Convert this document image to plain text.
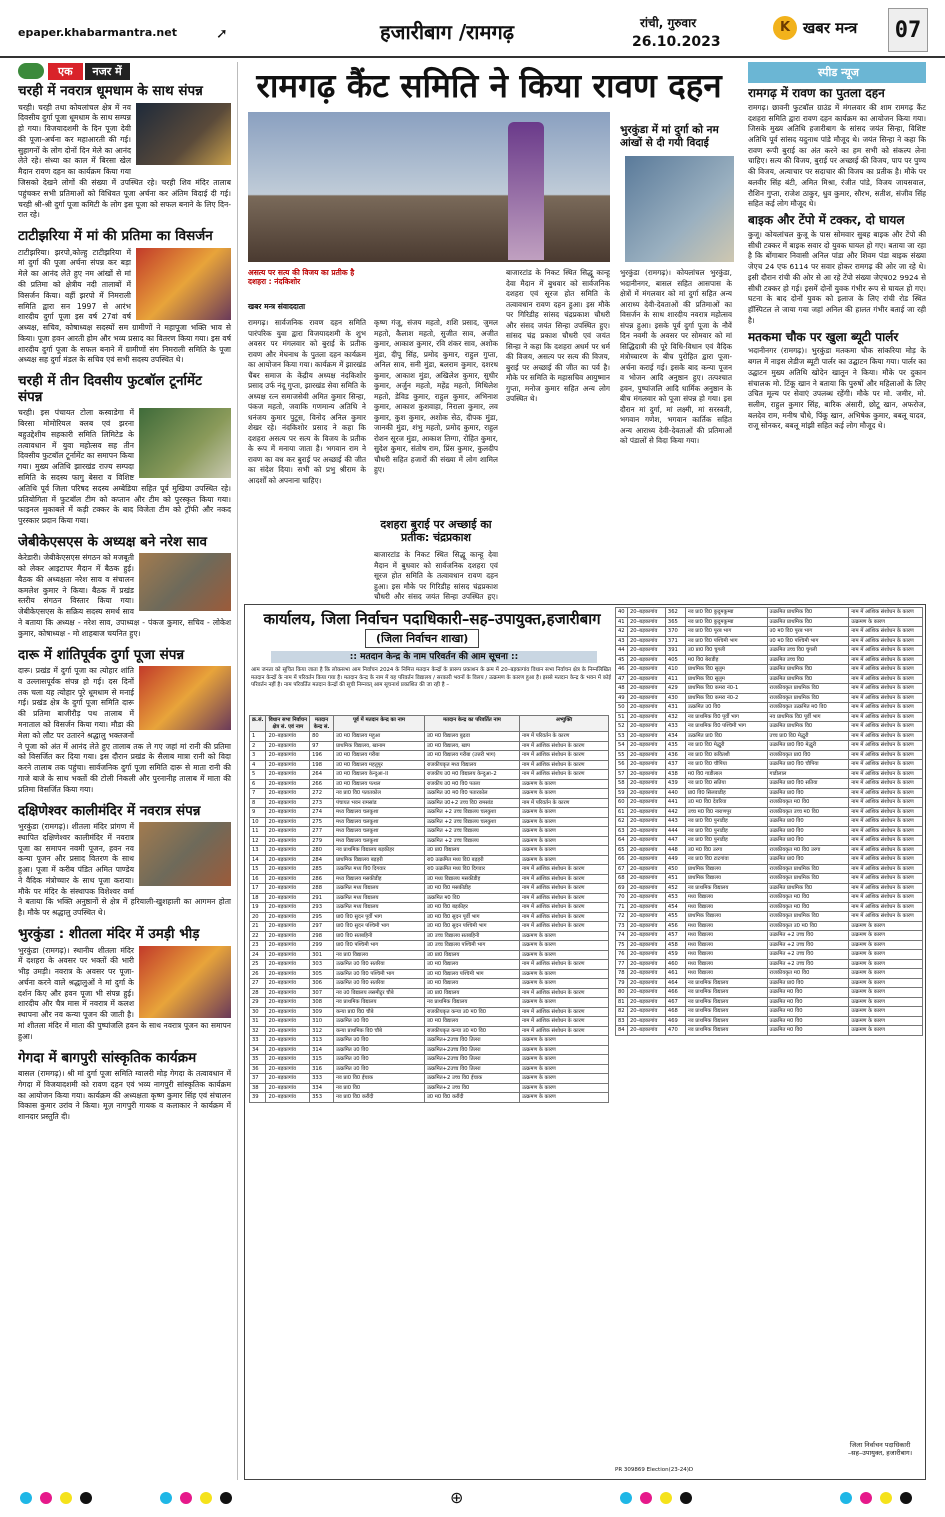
epaper.khabarmantra.net	➚	हजारीबाग /रामगढ़	रांची, गुरुवार
26.10.2023
K खबर मन्त्र	07
एक	नजर में
चरही में नवरात्र धूमधाम के साथ संपन्न
चरही। चरही तथा कोयलांचल क्षेत्र में नव दिवसीय दुर्गा पूजा धूमधाम के साथ सम्पन्न हो गया। विजयादशमी के दिन पूजा देवी की पूजा-अर्चना कर महाआरती की गई। सुहागनों के लोग दोनों दिन मेले का आनंद लेते रहे। संध्या का काल में बिरसा खेल मैदान रावण दहन का कार्यक्रम किया गया जिसको देखने लोगों की संख्या में उपस्थित रहे। चरही शिव मंदिर तालाब पहुंचकर सभी प्रतिमाओं को विधिवत पूजा अर्चना कर अंतिम विदाई दी गई। चरही श्री-श्री दुर्गा पूजा कमिटी के लोग इस पूजा को सफल बनाने के लिए दिन-रात रहे।
टाटीझरिया में मां की प्रतिमा का विसर्जन
टाटीझरिया। झरपो,कोल्हु टाटीझरिया में मां दुर्गा की पूजा अर्चना संपन्न कर बड़ा मेले का आनंद लेते हुए नम आंखों से मां की प्रतिमा को क्षेत्रीय नदी तालाबों में विसर्जन किया। वहीं झरपो में निमराली समिति द्वारा सन 1997 से आरंभ शारदीय दुर्गा पूजा इस वर्ष 27वां वर्ष अध्यक्ष, सचिव, कोषाध्यक्ष सदस्यों सम ग्रामीणों ने महापूजा भक्ति भाव से किया। पूजा हवन आरती होम और भव्य प्रसाद का वितरण किया गया। इस वर्ष शारदीय दुर्गा पूजा के सफल बनाने में ग्रामीणों संग निमराली समिति के पूजा अध्यक्ष सह दुर्गा मंडल के सचिव एवं सभी सदस्य उपस्थित थे।
चरही में तीन दिवसीय फुटबॉल टूर्नामेंट संपन्न
चरही। इस पंचायत टोला कस्वाडेगा में बिरसा मोमोरियल क्लब एवं झरना बहुउद्देशीय सहकारी समिति लिमिटेड के तत्वावधान में युवा महोत्सव सह तीन दिवसीय फुटबॉल टूर्नामेंट का समापन किया गया। मुख्य अतिथि झारखंड राज्य सम्पदा समिति के सदस्य फागु बेसरा व विशिष्ट अतिथि पूर्व जिला परिषद सदस्य अम्बेडिया सहित पूर्व मुखिया उपस्थित रहे। प्रतियोगिता में फुटबॉल टीम को कप्तान और टीम को पुरस्कृत किया गया। फाइनल मुकाबले में कड़ी टक्कर के बाद विजेता टीम को ट्रॉफी और नकद पुरस्कार प्रदान किया गया।
जेबीकेएसएस के अध्यक्ष बने नरेश साव
केरेडारी। जेबीकेएसएस संगठन को मजबूती को लेकर आइटापर मैदान में बैठक हुई। बैठक की अध्यक्षता नरेश साव व संचालन कमलेश कुमार ने किया। बैठक में प्रखंड स्तरीय संगठन विस्तार किया गया। जेबीकेएसएस के सक्रिय सदस्य समर्थ साव ने बताया कि अध्यक्ष - नरेश साव, उपाध्यक्ष - पंकज कुमार, सचिव - लोकेश कुमार, कोषाध्यक्ष - मो शाहबाज चयनित हुए।
दारू में शांतिपूर्वक दुर्गा पूजा संपन्न
दारू। प्रखंड में दुर्गा पूजा का त्योहार शांति व उल्लासपूर्वक संपन्न हो गई। दस दिनों तक चला यह त्योहार पूरे धूमधाम से मनाई गई। प्रखंड क्षेत्र के दुर्गा पूजा समिति दारू की प्रतिमा बाजीरौड़ पथ तालाब में मनाताल को विसर्जन किया गया। मौडा की मेला को लौट पर उतारने श्रद्धालु भक्तजनों ने पूजा को अंत में आनंद लेते हुए तालाब तक ले गए जहां मां रानी की प्रतिमा को विसर्जित कर दिया गया। इस दौरान प्रखंड के सैलाब मात्रा रानी को विदा करने तालाब तक पहुंचा। सार्वजनिक दुर्गा पूजा समिति दारू से माता रानी की गाजे बाजे के साथ भक्तों की टोली निकली और पुरनानीह तालाब में माता की प्रतिमा विसर्जित किया गया।
दक्षिणेश्वर कालीमंदिर में नवरात्र संपन्न
भुरकुंडा (रामगढ़)। शीतला मंदिर प्रांगण में स्थापित दक्षिणेश्वर कालीमंदिर में नवरात्र पूजा का समापन नवमी पूजन, हवन नव कन्या पूजन और प्रसाद वितरण के साथ हुआ। पूजा में करीब पंडित अमित पाण्डेय ने वैदिक मंत्रोच्चार के साथ पूजा कराया। मौके पर मंदिर के संस्थापक विशेश्वर वर्मा ने बताया कि भक्ति अनुष्ठानों से क्षेत्र में हरियाली-खुशहाली का आगमन होता है। मौके पर श्रद्धालु उपस्थित थे।
भुरकुंडा : शीतला मंदिर में उमड़ी भीड़
भुरकुंडा (रामगढ़)। स्थानीय शीतला मंदिर में दशहरा के अवसर पर भक्तों की भारी भीड़ उमड़ी। नवरात्र के अवसर पर पूजा-अर्चना करने वाले श्रद्धालुओं ने मां दुर्गा के दर्शन किए और हवन पूजा भी संपन्न हुई। शारदीय और चैत्र मास में नवरात्र में कलश स्थापना और नव कन्या पूजन की जाती है। मां शीतला मंदिर में माता की पुष्पांजलि हवन के साथ नवरात्र पूजन का समापन हुआ।
गेगदा में बागपुरी सांस्कृतिक कार्यक्रम
बासल (रामगढ़)। श्री मां दुर्गा पूजा समिति ग्वालरी मोड़ गेगदा के तत्वावधान में गेगदा में विजयादशमी को रावण दहन एवं भव्य नागपुरी सांस्कृतिक कार्यक्रम का आयोजन किया गया। कार्यक्रम की अध्यक्षता कृष्ण कुमार सिंह एवं संचालन विकास कुमार उरांव ने किया। मूज़ नागपुरी गायक व कलाकार ने कार्यक्रम में शानदार प्रस्तुति दी।
रामगढ़ कैंट समिति ने किया रावण दहन
भुरकुंडा में मां दुर्गा को नम आंखों से दी गयी विदाई
असत्य पर सत्य की विजय का प्रतीक है दशहरा : नंदकिशोर
खबर मन्त्र संवाददाता
रामगढ़। सार्वजनिक रावण दहन समिति पारंपरिक युवा द्वारा विजयादशमी के शुभ अवसर पर मंगलवार को बुराई के प्रतीक रावण और मेघनाथ के पुतला दहन कार्यक्रम का आयोजन किया गया। कार्यक्रम में झारखंड चैंबर समाज के केंद्रीय अध्यक्ष नंदकिशोर प्रसाद उर्फ नंदू गुप्ता, झारखंड सेवा समिति के अध्यक्ष रत्न समाजसेवी अमित कुमार सिन्हा, पंकज महतो, जवाकि गणमान्य अतिथि ने धनंजय कुमार पुटूस, विनोद अनिल कुमार शेखर रहे। नंदकिशोर प्रसाद ने कहा कि दशहरा असत्य पर सत्य के विजय के प्रतीक के रूप में मनाया जाता है। भगवान राम ने रावण का वध कर बुराई पर अच्छाई की जीत का संदेश दिया। सभी को प्रभु श्रीराम के आदर्शों को अपनाना चाहिए।
कृष्ण गंजू, संजय महतो, शशि प्रसाद, जुमल महतो, कैलाश महतो, सुजीत साव, अजीत कुमार, आकाश कुमार, रवि शंकर साव, अशोक मुंडा, दीपू सिंह, प्रमोद कुमार, राहुल गुप्ता, अनिल साव, सनी मुंडा, बलराम कुमार, दशरथ कुमार, आकाश मुंडा, अखिलेश कुमार, सुधीर कुमार, अर्जुन महतो, महेंद्र महतो, मिथिलेश महतो, डेविड कुमार, राहुल कुमार, अभिनाश कुमार, आकाश कुशवाहा, निराला कुमार, लव कुमार, कुश कुमार, अशोक सेठ, दीपक मुंडा, जानकी मुंडा, शंभु महतो, प्रमोद कुमार, राहुल रोशन सूरज मुंडा, आकाश तिग्गा, रोहित कुमार, सुदेश कुमार, संतोष राम, प्रिंस कुमार, कुलदीप चौधरी सहित हजारों की संख्या में लोग शामिल हुए।
दशहरा बुराई पर अच्छाई का प्रतीक: चंद्रप्रकाश
बाजारटांड के निकट स्थित सिद्धू कान्हू देवा मैदान में बुधवार को सार्वजनिक दशहरा एवं सूरज होत समिति के तत्वावधान रावण दहन हुआ। इस मौके पर गिरिडीह सांसद चंद्रप्रकाश चौधरी और संसद जयंत सिन्हा उपस्थित हुए।
बाजारटांड के निकट स्थित सिद्धू कान्हू देवा मैदान में बुधवार को सार्वजनिक दशहरा एवं सूरज होत समिति के तत्वावधान रावण दहन हुआ। इस मौके पर गिरिडीह सांसद चंद्रप्रकाश चौधरी और संसद जयंत सिन्हा उपस्थित हुए। सांसद चंद्र प्रकाश चौधरी एवं जयंत सिन्हा ने कहा कि दशहरा अधर्म पर धर्म की विजय, असत्य पर सत्य की विजय, बुराई पर अच्छाई की जीत का पर्व है। मौके पर समिति के महासचिव आयुष्मान गुप्ता, मनोज कुमार सहित अन्य लोग उपस्थित थे।
भुरकुंडा (रामगढ़)। कोयलांचल भुरकुंडा, भदानीनगर, बासल सहित आसपास के क्षेत्रों में मंगलवार को मां दुर्गा सहित अन्य आराध्य देवी-देवताओं की प्रतिमाओं का विसर्जन के साथ शारदीय नवरात्र महोत्सव संपन्न हुआ। इसके पूर्व दुर्गा पूजा के नौवें दिन नवमी के अवसर पर सोमवार को मां सिद्धिदात्री की पूरे विधि-विधान एवं वैदिक मंत्रोच्चारण के बीच पुरोहित द्वारा पूजा-अर्चना कराई गई। इसके बाद कन्या पूजन व भोजन आदि अनुष्ठान हुए। तत्पश्चात हवन, पुष्पांजलि आदि धार्मिक अनुष्ठान के बीच मंगलवार को पूजा संपन्न हो गया। इस दौरान मां दुर्गा, मां लक्ष्मी, मां सरस्वती, भगवान गणेश, भगवान कार्तिक सहित अन्य आराध्य देवी-देवताओं की प्रतिमाओं को पंडालों से विदा किया गया।
स्पीड न्यूज
रामगढ़ में रावण का पुतला दहन
रामगढ़। छावनी फुटबॉल ग्राउंड में मंगलवार की शाम रामगढ़ कैंट दशहरा समिति द्वारा रावण दहन कार्यक्रम का आयोजन किया गया। जिसके मुख्य अतिथि हजारीबाग के सांसद जयंत सिन्हा, विशिष्ट अतिथि पूर्व सांसद यदुनाथ पांडे मौजूद थे। जयंत सिन्हा ने कहा कि रावण रूपी बुराई का अंत करने का हम सभी को संकल्प लेना चाहिए। सत्य की विजय, बुराई पर अच्छाई की विजय, पाप पर पुण्य की विजय, अत्याचार पर सदाचार की विजय का प्रतीक है। मौके पर बलवीर सिंह बंटी, अमित मिश्रा, रंजीत पांडे, विजय जायसवाल, रौशिन गुप्ता, राजेश ठाकुर, धुव कुमार, सौरभ, सतीश, संजीव सिंह सहित कई लोग मौजूद थे।
बाइक और टेंपो में टक्कर, दो घायल
कुजू। कोयलांचल कुजू के पास सोमवार सुबह बाइक और टेंपो की सीधी टक्कर में बाइक सवार दो युवक घायल हो गए। बताया जा रहा है कि बोंगाबार निवासी अनिल पांडा और शिवम पंडा बाइक संख्या जेएच 24 एफ 6114 पर सवार होकर रामगढ़ की ओर जा रहे थे। इसी दौरान रांची की ओर से आ रहे टेंपो संख्या जेएच02 9924 से सीधी टक्कर हो गई। इसमें दोनों युवक गंभीर रूप से घायल हो गए। घटना के बाद दोनों युवक को इलाज के लिए रांची रोड स्थित हॉस्पिटल ले जाया गया जहां अनिल की हालत गंभीर बताई जा रही है।
मतकमा चौक पर खुला ब्यूटी पार्लर
भदानीनगर (रामगढ़)। भुरकुंडा मतकमा चौक सांकरिया मोड़ के बगल में नाइस लेडीज ब्यूटी पार्लर का उद्घाटन किया गया। पार्लर का उद्घाटन मुख्य अतिथि खोदेन खातून ने किया। मौके पर दुकान संचालक मो. टिंकू खान ने बताया कि पुरुषों और महिलाओं के लिए उचित मूल्य पर सेवाएं उपलब्ध रहेंगी। मौके पर मो. जमीर, मो. सलीम, राहुल कुमार सिंह, बारिक अंसारी, छोटू खान, अफरोज, बलदेव राम, मनीष चौधे, पिंकू खान, अभिषेक कुमार, बबलू यादव, राजू सोनकर, बबलू मांझी सहित कई लोग मौजूद थे।
कार्यालय, जिला निर्वाचन पदाधिकारी–सह–उपायुक्त,हजारीबाग
(जिला निर्वाचन शाखा)
:: मतदान केन्द्र के नाम परिवर्तन की आम सूचना ::
आम जनता को सूचित किया जाता है कि लोकसभा आम निर्वाचन 2024 के निमित्त मतदान केन्द्रों के प्रारूप प्रकाशन के क्रम में 20–बड़कागांव विधान सभा निर्वाचन क्षेत्र के निम्नलिखित मतदान केन्द्रों के नाम में परिवर्तन किया गया है। मतदान केन्द्र के नाम में यह परिवर्तन विद्यालय / सरकारी भवनों के विलय / उत्क्रमण के कारण हुआ है। इससे मतदान केन्द्र के भवन में कोई परिवर्तन नहीं है। नाम परिवर्तित मतदान केन्द्रों की सूची निम्नवत् आम सूचनार्थ प्रकाशित की जा रही है –
क्र.सं.	विधान सभा निर्वाचन क्षेत्र सं. एवं नाम	मतदान केन्द्र सं.	पूर्व में मतदान केन्द्र का नाम	मतदान केन्द्र का परिवर्तित नाम	अभ्युक्ति
1	20–बड़कागांव	80	उ0 म0 विद्यालय महुआ	उ0 म0 विद्यालय बुढ़वा	नाम में परिवर्तन के कारण
2	20–बड़कागांव	97	प्राथमिक विद्यालय, खानाम	उ0 म0 विद्यालय, खाप	नाम में आंशिक संशोधन के कारण
3	20–बड़कागांव	196	उ0 म0 विद्यालय गरीबा	उ0 म0 विद्यालय गरीबा (उत्तरी भाग)	नाम में आंशिक संशोधन के कारण
4	20–बड़कागांव	198	उ0 म0 विद्यालय महतुपुर	राजकीयकृत मध्य विद्यालय	नाम में आंशिक संशोधन के कारण
5	20–बड़कागांव	264	उ0 म0 विद्यालय केन्दुआ–II	राजकीय उ0 म0 विद्यालय केन्दुआ–2	नाम में आंशिक संशोधन के कारण
6	20–बड़कागांव	266	उ0 म0 विद्यालय पत्थल	राजकीय उ0 म0 वि0 पतला	उत्क्रमण के कारण
7	20–बड़कागांव	272	नव प्रा0 वि0 पतातकोल	उत्क्रमित उ0 म0 वि0 पतारकोल	उत्क्रमण के कारण
8	20–बड़कागांव	273	पंचायत भवन रामसांड	उत्क्रमित उ0+2 उच्च वि0 रामसांड	नाम में परिवर्तन के कारण
9	20–बड़कागांव	274	मध्य विद्यालय चलकुशा	उत्क्रमित +2 उच्च विद्यालय चलकुशा	उत्क्रमण के कारण
10	20–बड़कागांव	275	मध्य विद्यालय चलकुशा	उत्क्रमित +2 उच्च विद्यालय चलकुशा	उत्क्रमण के कारण
11	20–बड़कागांव	277	मध्य विद्यालय चलकुशा	उत्क्रमित +2 उच्च विद्यालय	उत्क्रमण के कारण
12	20–बड़कागांव	279	मध्य विद्यालय चलकुशा	उत्क्रमित +2 उच्च विद्यालय	उत्क्रमण के कारण
13	20–बड़कागांव	280	नव प्राथमिक विद्यालय बड़कीहर	उ0 प्रा0 विद्यालय	उत्क्रमण के कारण
14	20–बड़कागांव	284	प्राथमिक विद्यालय बड़हरी	रा0 उत्क्रमित मध्य वि0 बड़हरी	उत्क्रमण के कारण
15	20–बड़कागांव	285	उत्क्रमित मध्य वि0 दिगवार	रा0 उत्क्रमित मध्य वि0 दिगवार	नाम में आंशिक संशोधन के कारण
16	20–बड़कागांव	286	मध्य विद्यालय मसकीडीह	उ0 मध्य विद्यालय मसकीडीह	नाम में आंशिक संशोधन के कारण
17	20–बड़कागांव	288	उत्क्रमित मध्य विद्यालय	उ0 म0 वि0 मसकीडीह	नाम में आंशिक संशोधन के कारण
18	20–बड़कागांव	291	उत्क्रमित मध्य विद्यालय	उत्क्रमित म0 वि0	नाम में आंशिक संशोधन के कारण
19	20–बड़कागांव	293	उत्क्रमित मध्य विद्यालय	उ0 म0 वि0 बड़कीहर	नाम में आंशिक संशोधन के कारण
20	20–बड़कागांव	295	प्रा0 वि0 सुदन पूर्वी भाग	उ0 म0 वि0 सुदन पूर्वी भाग	नाम में आंशिक संशोधन के कारण
21	20–बड़कागांव	297	प्रा0 वि0 सुदन पश्चिमी भाग	उ0 म0 वि0 सुदन पश्चिमी भाग	नाम में आंशिक संशोधन के कारण
22	20–बड़कागांव	298	प्रा0 वि0 सतबहिनी	उ0 उच्च विद्यालय सतबहिनी	उत्क्रमण के कारण
23	20–बड़कागांव	299	प्रा0 वि0 पश्चिमी भाग	उ0 उच्च विद्यालय पश्चिमी भाग	उत्क्रमण के कारण
24	20–बड़कागांव	301	नव प्रा0 विद्यालय	उ0 प्रा0 विद्यालय	उत्क्रमण के कारण
25	20–बड़कागांव	303	उत्क्रमित उ0 वि0 सतरिया	उ0 म0 विद्यालय	नाम में आंशिक संशोधन के कारण
26	20–बड़कागांव	305	उत्क्रमित उ0 वि0 पश्चिमी भाग	उ0 म0 विद्यालय पश्चिमी भाग	उत्क्रमण के कारण
27	20–बड़कागांव	306	उत्क्रमित उ0 वि0 सतरिया	उ0 म0 विद्यालय	उत्क्रमण के कारण
28	20–बड़कागांव	307	नव उ0 विद्यालय लसमीटुर चौबे	उ0 प्रा0 विद्यालय	नाम में आंशिक संशोधन के कारण
29	20–बड़कागांव	308	नव प्राथमिक विद्यालय	नव प्राथमिक विद्यालय	उत्क्रमण के कारण
30	20–बड़कागांव	309	कन्या प्रा0 वि0 चौबे	राजकीयकृत कन्या उ0 म0 वि0	नाम में आंशिक संशोधन के कारण
31	20–बड़कागांव	310	उत्क्रमित उ0 वि0	उ0 म0 विद्यालय	नाम में आंशिक संशोधन के कारण
32	20–बड़कागांव	312	कन्या प्राथमिक वि0 चौबे	राजकीयकृत कन्या उ0 म0 वि0	नाम में आंशिक संशोधन के कारण
33	20–बड़कागांव	313	उत्क्रमित उ0 वि0	उत्क्रमित+2उच्च वि0 तिलरा	उत्क्रमण के कारण
34	20–बड़कागांव	314	उत्क्रमित उ0 वि0	उत्क्रमित+2उच्च वि0 तिलरा	उत्क्रमण के कारण
35	20–बड़कागांव	315	उत्क्रमित उ0 वि0	उत्क्रमित+2उच्च वि0 तिलरा	उत्क्रमण के कारण
36	20–बड़कागांव	316	उत्क्रमित उ0 वि0	उत्क्रमित+2उच्च वि0 तिलरा	उत्क्रमण के कारण
37	20–बड़कागांव	333	नव प्रा0 वि0 ईचाक	उत्क्रमित+2 उच्च वि0 ईचाक	उत्क्रमण के कारण
38	20–बड़कागांव	334	नव प्रा0 वि0	उत्क्रमित+2 उच्च वि0	उत्क्रमण के कारण
39	20–बड़कागांव	353	नव प्रा0 वि0 करौंदी	उ0 म0 वि0 करौंदी	उत्क्रमण के कारण
40	20–बड़कागांव	362	नव प्रा0 वि0 कुदुमकुम्बा	उत्क्रमित प्राथमिक वि0	नाम में आंशिक संशोधन के कारण
41	20–बड़कागांव	365	नव प्रा0 वि0 कुदुमकुम्बा	उत्क्रमित प्राथमिक वि0	उत्क्रमण के कारण
42	20–बड़कागांव	370	नव प्रा0 वि0 पूरब भाग	उ0 म0 वि0 पूरब भाग	नाम में आंशिक संशोधन के कारण
43	20–बड़कागांव	371	नव प्रा0 वि0 पश्चिमी भाग	उ0 म0 वि0 पश्चिमी भाग	नाम में आंशिक संशोधन के कारण
44	20–बड़कागांव	391	उ0 प्रा0 वि0 चुगली	उत्क्रमित उच्च वि0 चुगली	नाम में आंशिक संशोधन के कारण
45	20–बड़कागांव	405	म0 वि0 बेराडीह	उत्क्रमित उच्च वि0	नाम में आंशिक संशोधन के कारण
46	20–बड़कागांव	410	प्राथमिक वि0 सुलुम	उत्क्रमित प्राथमिक वि0	नाम में आंशिक संशोधन के कारण
47	20–बड़कागांव	411	प्राथमिक वि0 सुलुम	उत्क्रमित प्राथमिक वि0	नाम में आंशिक संशोधन के कारण
48	20–बड़कागांव	429	प्राथमिक वि0 कमरा नं0-1	राजकीयकृत प्राथमिक वि0	नाम में आंशिक संशोधन के कारण
49	20–बड़कागांव	430	प्राथमिक वि0 कमरा नं0-2	राजकीयकृत प्राथमिक वि0	नाम में आंशिक संशोधन के कारण
50	20–बड़कागांव	431	उत्क्रमित उ0 वि0	राजकीयकृत उत्क्रमित म0 वि0	नाम में आंशिक संशोधन के कारण
51	20–बड़कागांव	432	नव प्राथमिक वि0 पूर्वी भाग	नव प्राथमिक वि0 पूर्वी भाग	नाम में आंशिक संशोधन के कारण
52	20–बड़कागांव	433	नव प्राथमिक वि0 पश्चिमी भाग	उत्क्रमित प्राथमिक वि0	नाम में आंशिक संशोधन के कारण
53	20–बड़कागांव	434	उत्क्रमित प्रा0 वि0	उच्च प्रा0 वि0 मेद्धुरी	नाम में आंशिक संशोधन के कारण
54	20–बड़कागांव	435	नव प्रा0 वि0 मेद्धुरी	उत्क्रमित प्रा0 वि0 मेद्धुरी	नाम में आंशिक संशोधन के कारण
55	20–बड़कागांव	436	नव प्रा0 वि0 कवितशी	राजकीयकृत प्रा0 वि0	नाम में आंशिक संशोधन के कारण
56	20–बड़कागांव	437	नव प्रा0 वि0 चौपिया	उत्क्रमित प्रा0 वि0 चौपिया	नाम में आंशिक संशोधन के कारण
57	20–बड़कागांव	438	म0 वि0 गाडीलाल	गाडीलाल	नाम में आंशिक संशोधन के कारण
58	20–बड़कागांव	439	नव प्रा0 वि0 सतिया	उत्क्रमित प्रा0 वि0 सतिया	नाम में आंशिक संशोधन के कारण
59	20–बड़कागांव	440	प्रा0 वि0 सिलवाडीह	उत्क्रमित प्रा0 वि0	नाम में आंशिक संशोधन के कारण
60	20–बड़कागांव	441	उ0 म0 वि0 देवरिया	राजकीयकृत म0 वि0	नाम में आंशिक संशोधन के कारण
61	20–बड़कागांव	442	उच्च म0 वि0 नाराणपुर	राजकीयकृत उच्च म0 वि0	नाम में आंशिक संशोधन के कारण
62	20–बड़कागांव	443	नव प्रा0 वि0 पुनाडीह	उत्क्रमित प्रा0 वि0	नाम में आंशिक संशोधन के कारण
63	20–बड़कागांव	444	नव प्रा0 वि0 पुनाडीह	उत्क्रमित प्रा0 वि0	नाम में आंशिक संशोधन के कारण
64	20–बड़कागांव	447	नव प्रा0 वि0 पुनाडीह	उत्क्रमित प्रा0 वि0	नाम में आंशिक संशोधन के कारण
65	20–बड़कागांव	448	उ0 म0 वि0 उरगा	राजकीयकृत म0 वि0 उरगा	नाम में आंशिक संशोधन के कारण
66	20–बड़कागांव	449	नव प्रा0 वि0 टाटगांवा	उत्क्रमित प्रा0 वि0	नाम में आंशिक संशोधन के कारण
67	20–बड़कागांव	450	प्राथमिक विद्यालय	राजकीयकृत प्राथमिक वि0	नाम में आंशिक संशोधन के कारण
68	20–बड़कागांव	451	प्राथमिक विद्यालय	राजकीयकृत प्राथमिक वि0	नाम में आंशिक संशोधन के कारण
69	20–बड़कागांव	452	नव प्राथमिक विद्यालय	उत्क्रमित प्राथमिक वि0	नाम में आंशिक संशोधन के कारण
70	20–बड़कागांव	453	मध्य विद्यालय	राजकीयकृत म0 वि0	नाम में आंशिक संशोधन के कारण
71	20–बड़कागांव	454	मध्य विद्यालय	राजकीयकृत म0 वि0	नाम में आंशिक संशोधन के कारण
72	20–बड़कागांव	455	प्राथमिक विद्यालय	राजकीयकृत प्राथमिक वि0	नाम में आंशिक संशोधन के कारण
73	20–बड़कागांव	456	मध्य विद्यालय	राजकीयकृत उ0 म0 वि0	उत्क्रमण के कारण
74	20–बड़कागांव	457	मध्य विद्यालय	उत्क्रमित +2 उच्च वि0	उत्क्रमण के कारण
75	20–बड़कागांव	458	मध्य विद्यालय	उत्क्रमित +2 उच्च वि0	उत्क्रमण के कारण
76	20–बड़कागांव	459	मध्य विद्यालय	उत्क्रमित +2 उच्च वि0	उत्क्रमण के कारण
77	20–बड़कागांव	460	मध्य विद्यालय	उत्क्रमित +2 उच्च वि0	उत्क्रमण के कारण
78	20–बड़कागांव	461	मध्य विद्यालय	राजकीयकृत म0 वि0	उत्क्रमण के कारण
79	20–बड़कागांव	464	नव प्राथमिक विद्यालय	उत्क्रमित प्रा0 वि0	उत्क्रमण के कारण
80	20–बड़कागांव	466	नव प्राथमिक विद्यालय	उत्क्रमित म0 वि0	उत्क्रमण के कारण
81	20–बड़कागांव	467	नव प्राथमिक विद्यालय	उत्क्रमित म0 वि0	उत्क्रमण के कारण
82	20–बड़कागांव	468	नव प्राथमिक विद्यालय	उत्क्रमित म0 वि0	उत्क्रमण के कारण
83	20–बड़कागांव	469	नव प्राथमिक विद्यालय	उत्क्रमित म0 वि0	उत्क्रमण के कारण
84	20–बड़कागांव	470	नव प्राथमिक विद्यालय	उत्क्रमित म0 वि0	उत्क्रमण के कारण
जिला निर्वाचन पदाधिकारी
–सह–उपायुक्त, हजारीबाग।
PR 309869 Election(23-24)D
⊕
